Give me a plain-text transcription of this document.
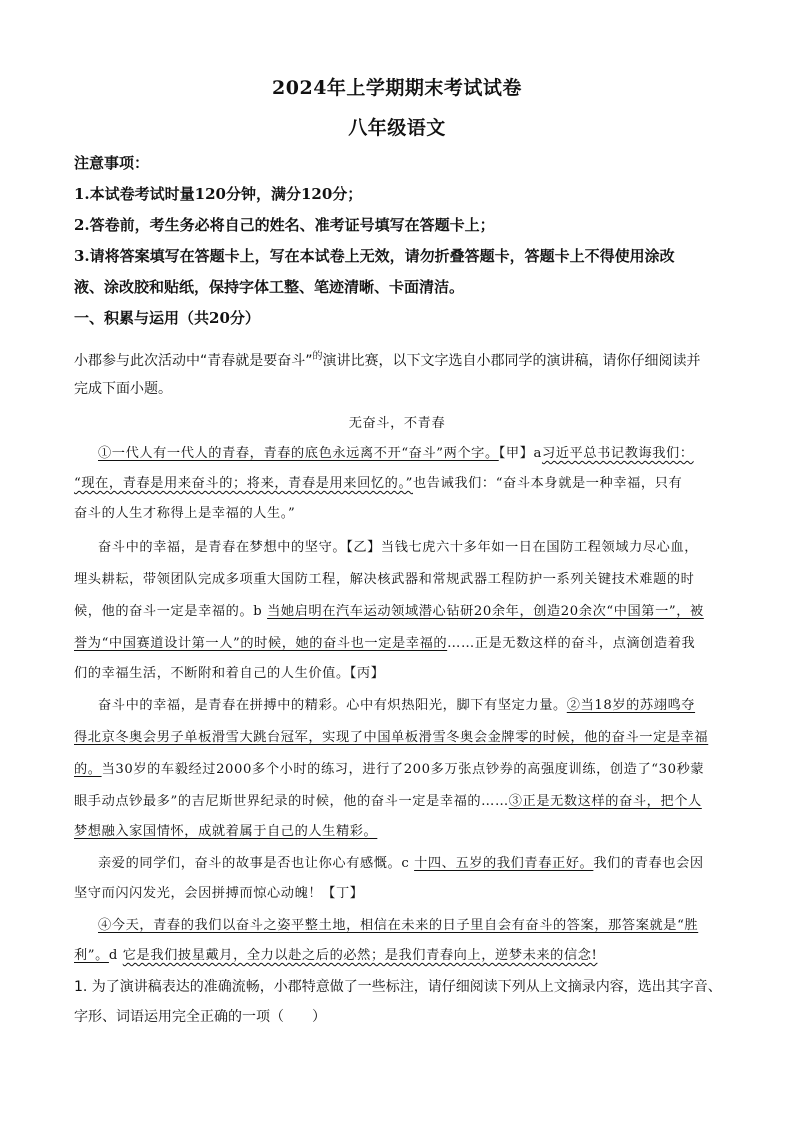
2024年上学期期末考试试卷
八年级语文
注意事项：
1.本试卷考试时量120分钟，满分120分；
2.答卷前，考生务必将自己的姓名、准考证号填写在答题卡上；
3.请将答案填写在答题卡上，写在本试卷上无效，请勿折叠答题卡，答题卡上不得使用涂改
液、涂改胶和贴纸，保持字体工整、笔迹清晰、卡面清洁。
一、积累与运用（共20分）
小郡参与此次活动中“青春就是要奋斗”$^的$演讲比赛，以下文字选自小郡同学的演讲稿，请你仔细阅读并
完成下面小题。
无奋斗，不青春
①一代人有一代人的青春，青春的底色永远离不开“奋斗”两个字。【甲】a习近平总书记教诲我们：
“现在，青春是用来奋斗的；将来，青春是用来回忆的。”也告诫我们：“奋斗本身就是一种幸福，只有
奋斗的人生才称得上是幸福的人生。”
奋斗中的幸福，是青春在梦想中的坚守。【乙】当钱七虎六十多年如一日在国防工程领域力尽心血，
埋头耕耘，带领团队完成多项重大国防工程，解决核武器和常规武器工程防护一系列关键技术难题的时
候，他的奋斗一定是幸福的。b 当她启明在汽车运动领域潜心钻研20余年，创造20余次“中国第一”，被
誉为“中国赛道设计第一人”的时候，她的奋斗也一定是幸福的……正是无数这样的奋斗，点滴创造着我
们的幸福生活，不断附和着自己的人生价值。【丙】
奋斗中的幸福，是青春在拼搏中的精彩。心中有炽热阳光，脚下有坚定力量。②当18岁的苏翊鸣夺
得北京冬奥会男子单板滑雪大跳台冠军，实现了中国单板滑雪冬奥会金牌零的时候，他的奋斗一定是幸福
的。当30岁的车毅经过2000多个小时的练习，进行了200多万张点钞券的高强度训练，创造了“30秒蒙
眼手动点钞最多”的吉尼斯世界纪录的时候，他的奋斗一定是幸福的……③正是无数这样的奋斗，把个人
梦想融入家国情怀，成就着属于自己的人生精彩。
亲爱的同学们，奋斗的故事是否也让你心有感慨。c 十四、五岁的我们青春正好。我们的青春也会因
坚守而闪闪发光，会因拼搏而惊心动魄！【丁】
④今天，青春的我们以奋斗之姿平整土地，相信在未来的日子里自会有奋斗的答案，那答案就是“胜
利”。d 它是我们披星戴月，全力以赴之后的必然；是我们青春向上，逆梦未来的信念!
1. 为了演讲稿表达的准确流畅，小郡特意做了一些标注，请仔细阅读下列从上文摘录内容，选出其字音、
字形、词语运用完全正确的一项（　　）
